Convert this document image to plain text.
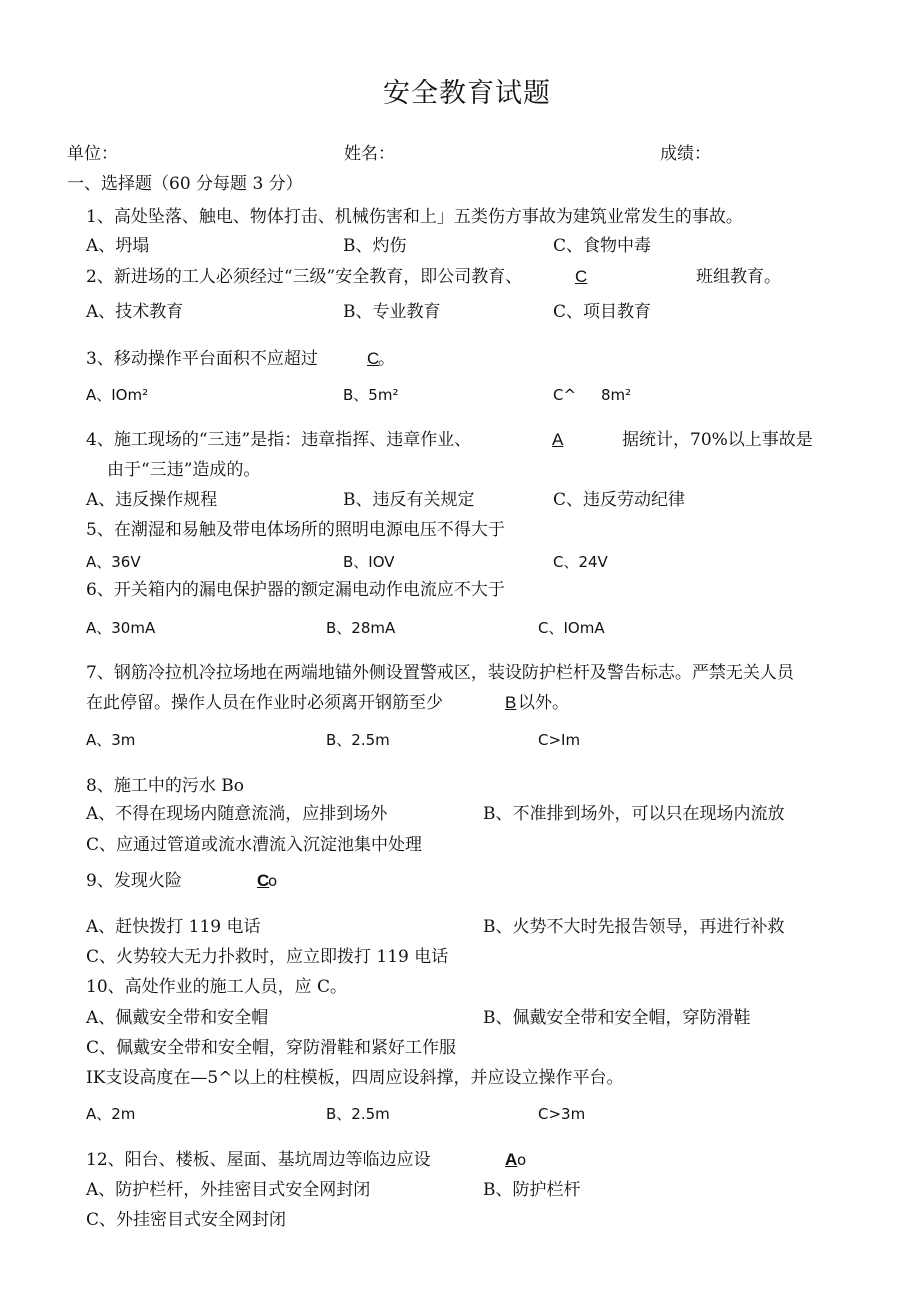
安全教育试题
单位：	姓名：	成绩：
一、选择题（60 分每题 3 分）
1、高处坠落、触电、物体打击、机械伤害和上」五类伤方事故为建筑业常发生的事故。
A、坍塌	B、灼伤	C、食物中毒
2、新进场的工人必须经过“三级”安全教育，即公司教育、	C	班组教育。
A、技术教育	B、专业教育	C、项目教育
3、移动操作平台面积不应超过	C
。
A、IOm²	B、5m²	C^ 8m²
4、施工现场的“三违”是指：违章指挥、违章作业、	A	据统计，70%以上事故是
由于“三违”造成的。
A、违反操作规程	B、违反有关规定	C、违反劳动纪律
5、在潮湿和易触及带电体场所的照明电源电压不得大于
A、36V	B、IOV	C、24V
6、开关箱内的漏电保护器的额定漏电动作电流应不大于
A、30mA	B、28mA	C、IOmA
7、钢筋冷拉机冷拉场地在两端地锚外侧设置警戒区，装设防护栏杆及警告标志。严禁无关人员
在此停留。操作人员在作业时必须离开钢筋至少	B 以外。
A、3m	B、2.5m	C>Im
8、施工中的污水 Bo
A、不得在现场内随意流淌，应排到场外	B、不准排到场外，可以只在现场内流放
C、应通过管道或流水漕流入沉淀池集中处理
9、发现火险	C
o
A、赶快拨打 119 电话	B、火势不大时先报告领导，再进行补救
C、火势较大无力扑救时，应立即拨打 119 电话
10、高处作业的施工人员，应 C。
A、佩戴安全带和安全帽	B、佩戴安全带和安全帽，穿防滑鞋
C、佩戴安全带和安全帽，穿防滑鞋和紧好工作服
IK支设高度在—5^以上的柱模板，四周应设斜撑，并应设立操作平台。
A、2m	B、2.5m	C>3m
12、阳台、楼板、屋面、基坑周边等临边应设	A o
A、防护栏杆，外挂密目式安全网封闭	B、防护栏杆
C、外挂密目式安全网封闭
